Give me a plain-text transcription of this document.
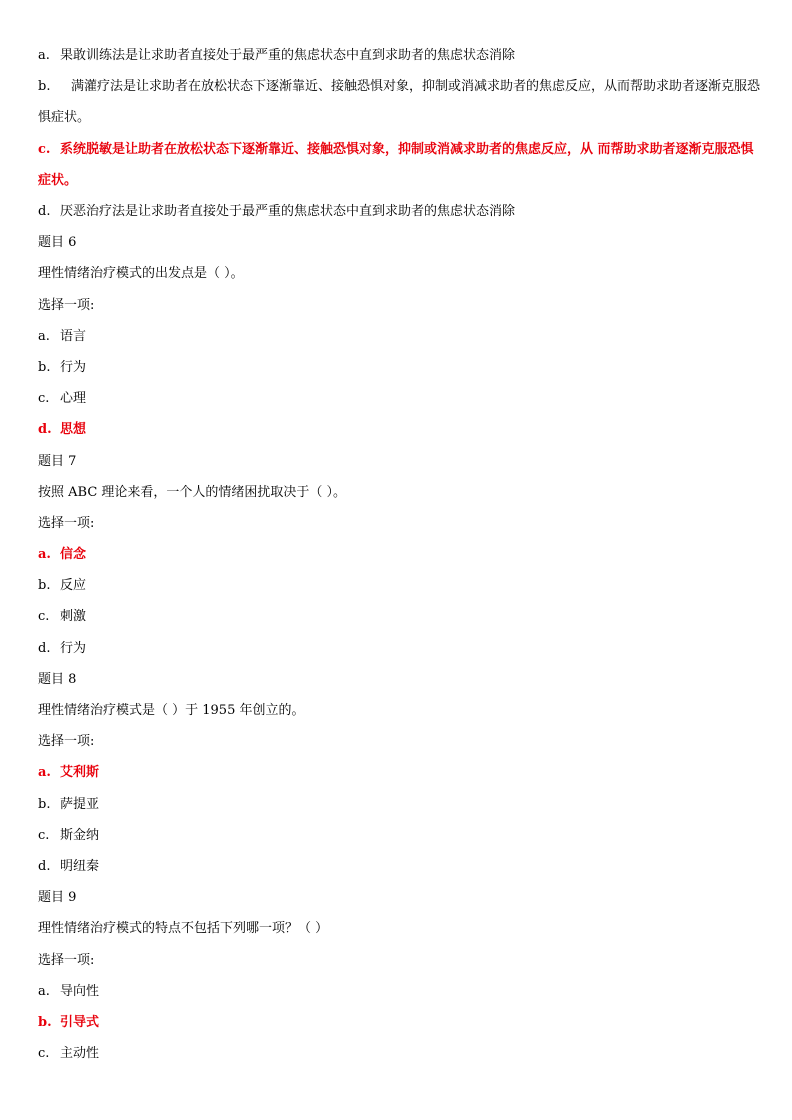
a. 果敢训练法是让求助者直接处于最严重的焦虑状态中直到求助者的焦虑状态消除
b. 满灌疗法是让求助者在放松状态下逐渐靠近、接触恐惧对象，抑制或消减求助者的焦虑反应，从而帮助求助者逐渐克服恐惧症状。
c. 系统脱敏是让助者在放松状态下逐渐靠近、接触恐惧对象，抑制或消减求助者的焦虑反应，从 而帮助求助者逐渐克服恐惧症状。
d. 厌恶治疗法是让求助者直接处于最严重的焦虑状态中直到求助者的焦虑状态消除
题目 6
理性情绪治疗模式的出发点是（ ）。
选择一项:
a. 语言
b. 行为
c. 心理
d. 思想
题目 7
按照 ABC 理论来看，一个人的情绪困扰取决于（ ）。
选择一项:
a. 信念
b. 反应
c. 刺激
d. 行为
题目 8
理性情绪治疗模式是（ ）于 1955 年创立的。
选择一项:
a. 艾利斯
b. 萨提亚
c. 斯金纳
d. 明纽秦
题目 9
理性情绪治疗模式的特点不包括下列哪一项？（ ）
选择一项:
a. 导向性
b. 引导式
c. 主动性
